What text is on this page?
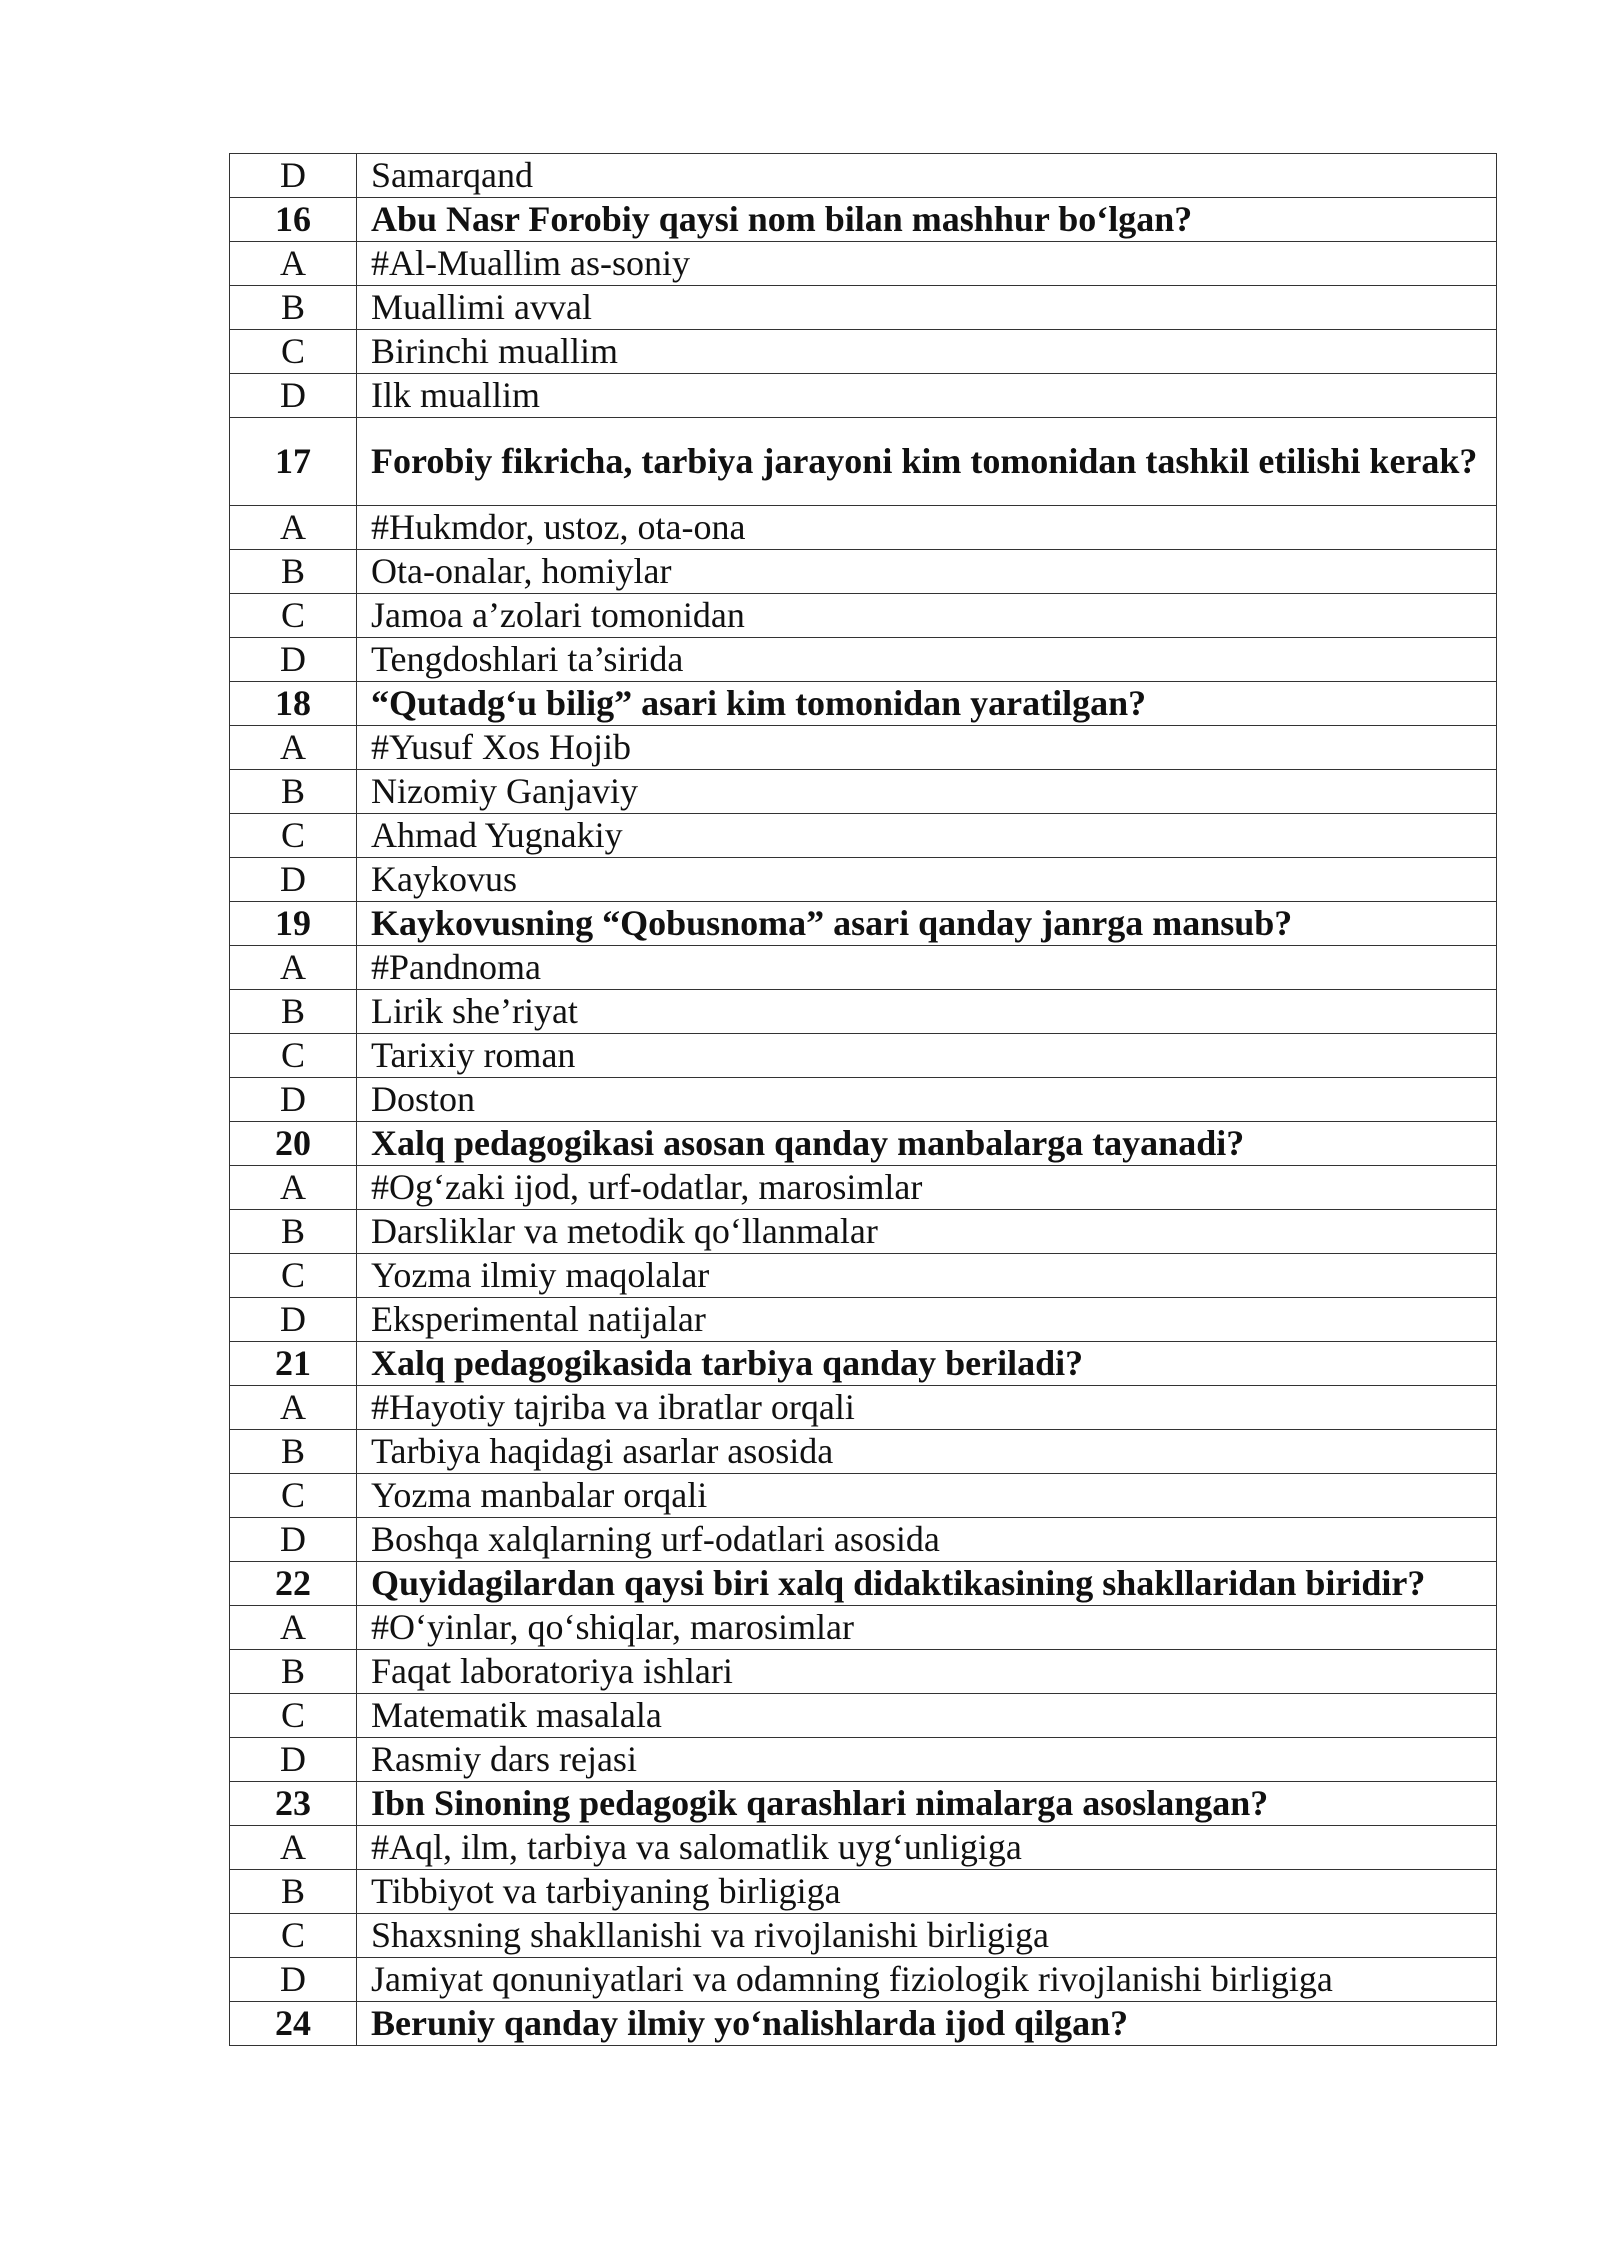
D	Samarqand
16	Abu Nasr Forobiy qaysi nom bilan mashhur bo‘lgan?
A	#Al-Muallim as-soniy
B	Muallimi avval
C	Birinchi muallim
D	Ilk muallim
17	Forobiy fikricha, tarbiya jarayoni kim tomonidan tashkil etilishi kerak?
A	#Hukmdor, ustoz, ota-ona
B	Ota-onalar, homiylar
C	Jamoa a’zolari tomonidan
D	Tengdoshlari ta’sirida
18	“Qutadg‘u bilig” asari kim tomonidan yaratilgan?
A	#Yusuf Xos Hojib
B	Nizomiy Ganjaviy
C	Ahmad Yugnakiy
D	Kaykovus
19	Kaykovusning “Qobusnoma” asari qanday janrga mansub?
A	#Pandnoma
B	Lirik she’riyat
C	Tarixiy roman
D	Doston
20	Xalq pedagogikasi asosan qanday manbalarga tayanadi?
A	#Og‘zaki ijod, urf-odatlar, marosimlar
B	Darsliklar va metodik qo‘llanmalar
C	Yozma ilmiy maqolalar
D	Eksperimental natijalar
21	Xalq pedagogikasida tarbiya qanday beriladi?
A	#Hayotiy tajriba va ibratlar orqali
B	Tarbiya haqidagi asarlar asosida
C	Yozma manbalar orqali
D	Boshqa xalqlarning urf-odatlari asosida
22	Quyidagilardan qaysi biri xalq didaktikasining shakllaridan biridir?
A	#O‘yinlar, qo‘shiqlar, marosimlar
B	Faqat laboratoriya ishlari
C	Matematik masalala
D	Rasmiy dars rejasi
23	Ibn Sinoning pedagogik qarashlari nimalarga asoslangan?
A	#Aql, ilm, tarbiya va salomatlik uyg‘unligiga
B	Tibbiyot va tarbiyaning birligiga
C	Shaxsning shakllanishi va rivojlanishi birligiga
D	Jamiyat qonuniyatlari va odamning fiziologik rivojlanishi birligiga
24	Beruniy qanday ilmiy yo‘nalishlarda ijod qilgan?
